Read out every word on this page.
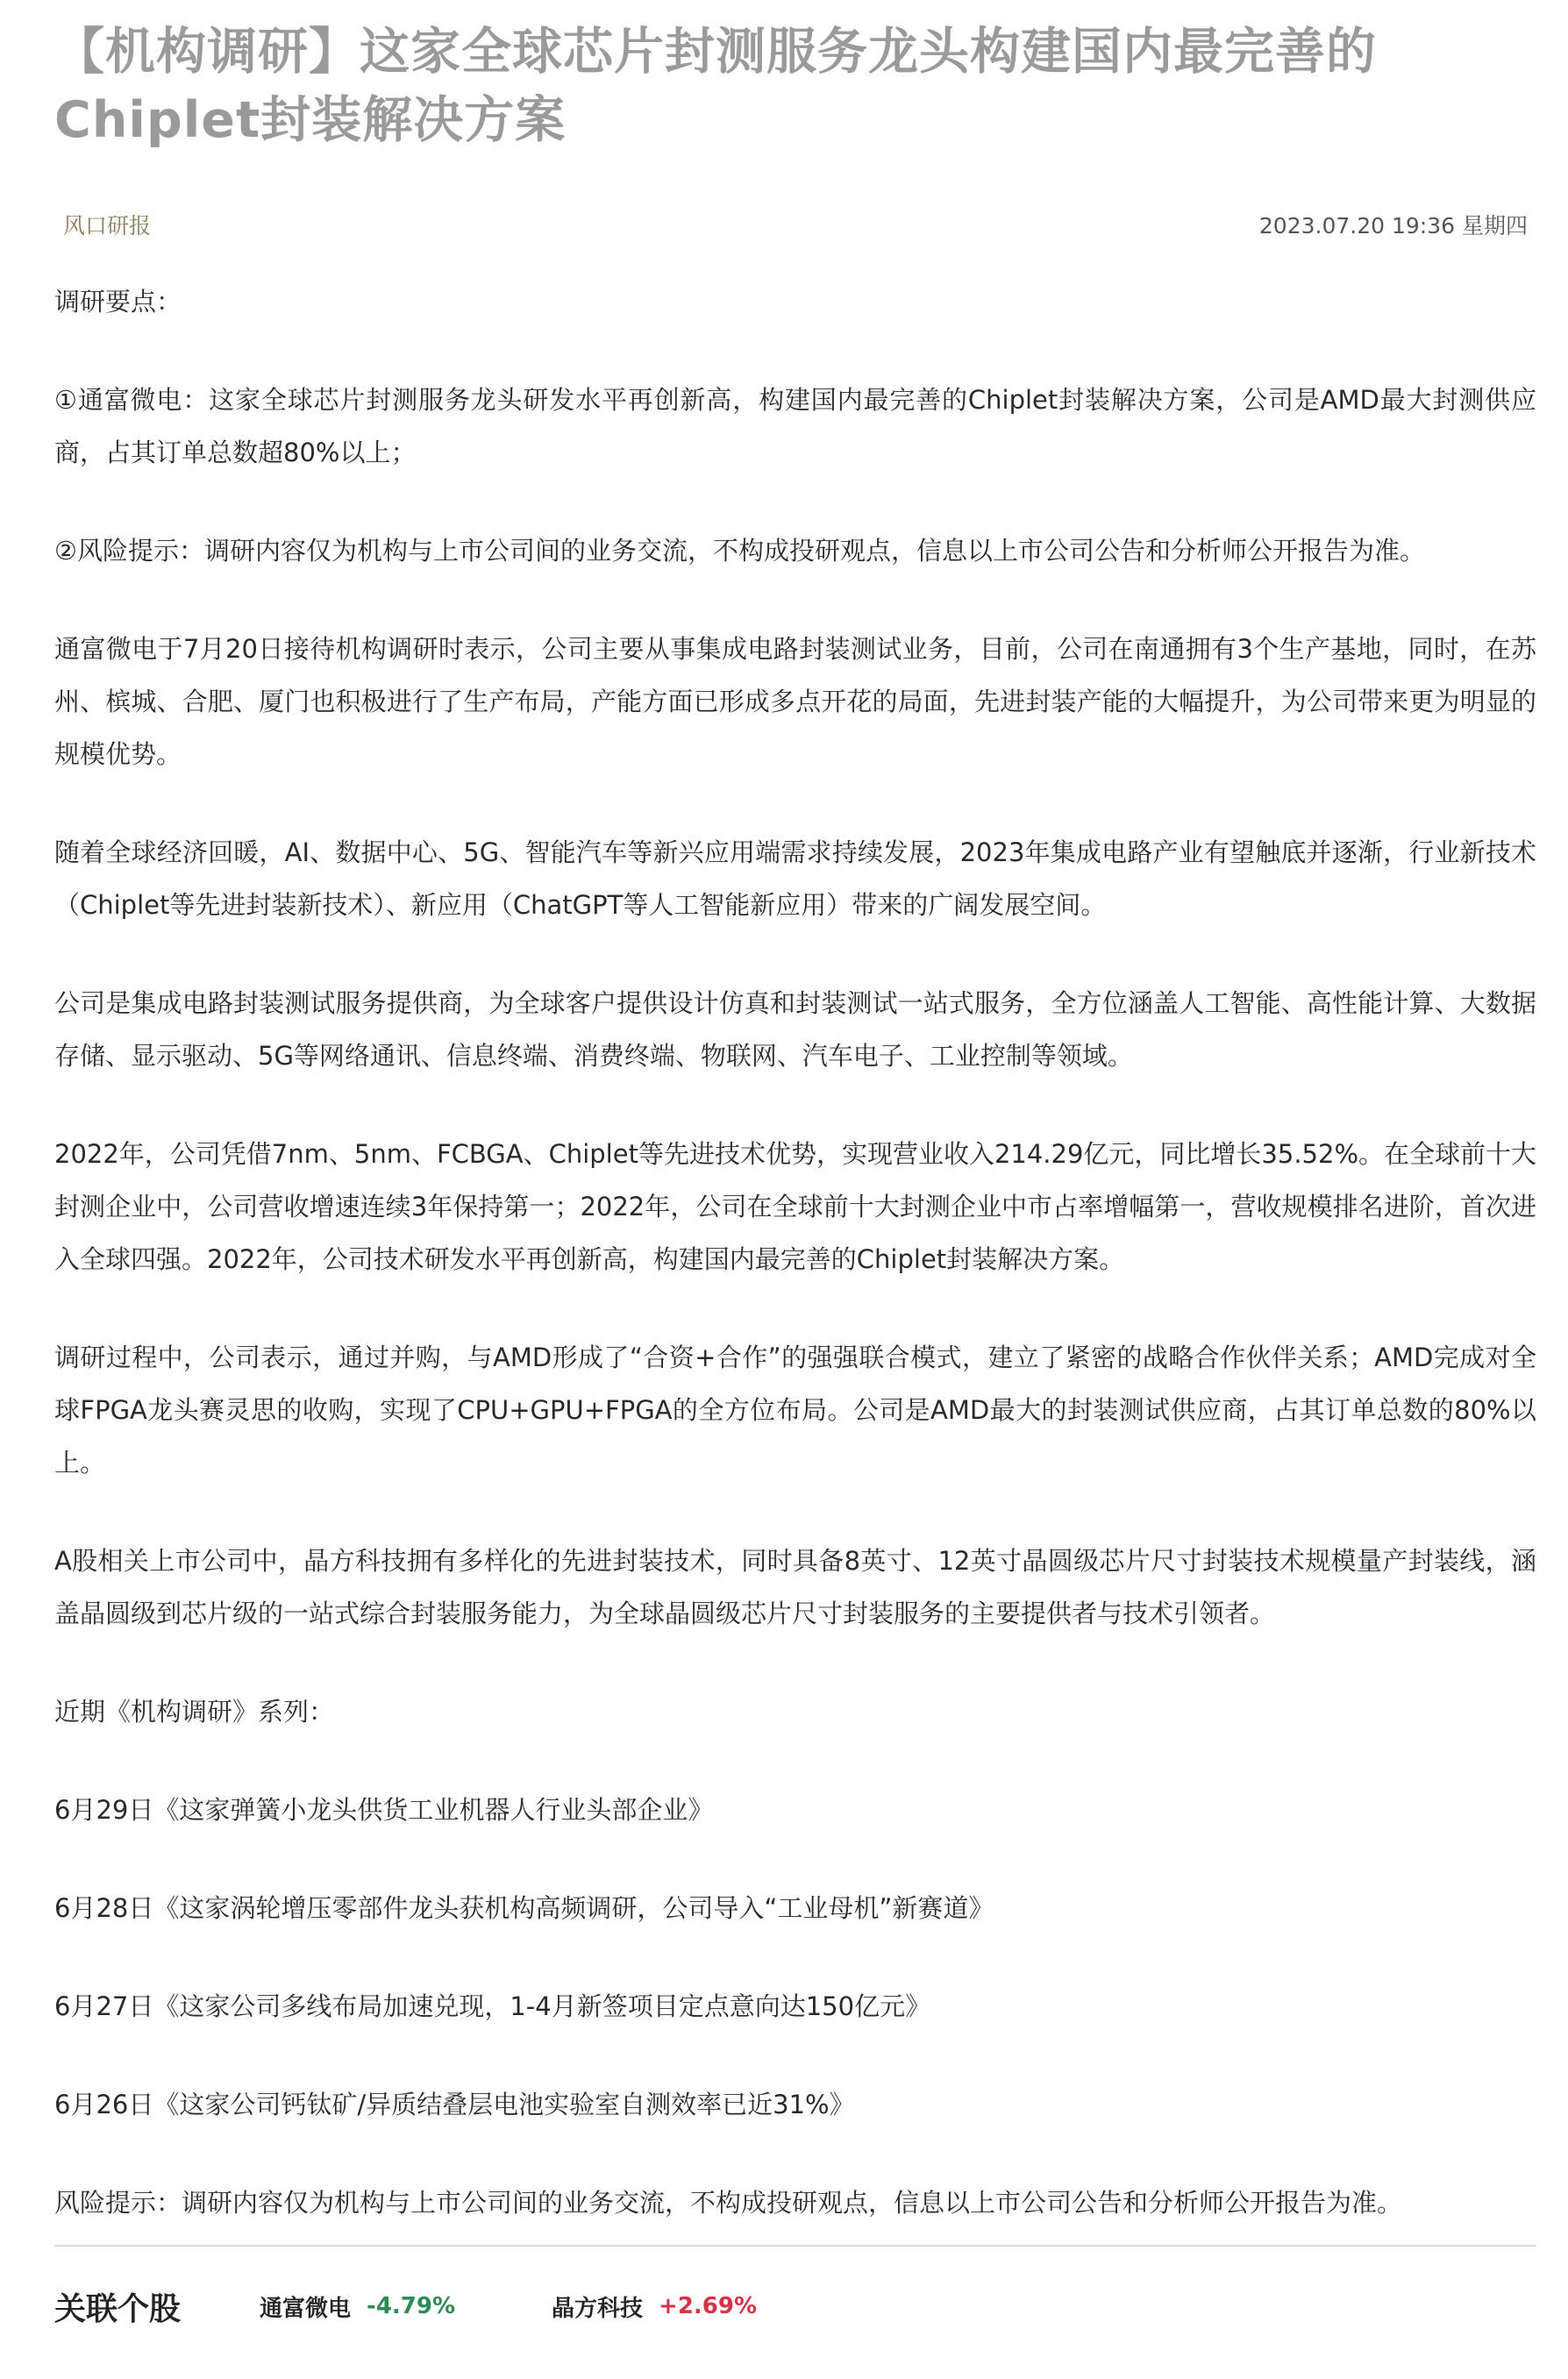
【机构调研】这家全球芯片封测服务龙头构建国内最完善的Chiplet封装解决方案
风口研报	2023.07.20 19:36 星期四

调研要点：

①通富微电：这家全球芯片封测服务龙头研发水平再创新高，构建国内最完善的Chiplet封装解决方案，公司是AMD最大封测供应商，占其订单总数超80%以上；

②风险提示：调研内容仅为机构与上市公司间的业务交流，不构成投研观点，信息以上市公司公告和分析师公开报告为准。

通富微电于7月20日接待机构调研时表示，公司主要从事集成电路封装测试业务，目前，公司在南通拥有3个生产基地，同时，在苏州、槟城、合肥、厦门也积极进行了生产布局，产能方面已形成多点开花的局面，先进封装产能的大幅提升，为公司带来更为明显的规模优势。

随着全球经济回暖，AI、数据中心、5G、智能汽车等新兴应用端需求持续发展，2023年集成电路产业有望触底并逐渐，行业新技术（Chiplet等先进封装新技术）、新应用（ChatGPT等人工智能新应用）带来的广阔发展空间。

公司是集成电路封装测试服务提供商，为全球客户提供设计仿真和封装测试一站式服务，全方位涵盖人工智能、高性能计算、大数据存储、显示驱动、5G等网络通讯、信息终端、消费终端、物联网、汽车电子、工业控制等领域。

2022年，公司凭借7nm、5nm、FCBGA、Chiplet等先进技术优势，实现营业收入214.29亿元，同比增长35.52%。在全球前十大封测企业中，公司营收增速连续3年保持第一；2022年，公司在全球前十大封测企业中市占率增幅第一，营收规模排名进阶，首次进入全球四强。2022年，公司技术研发水平再创新高，构建国内最完善的Chiplet封装解决方案。

调研过程中，公司表示，通过并购，与AMD形成了“合资+合作”的强强联合模式，建立了紧密的战略合作伙伴关系；AMD完成对全球FPGA龙头赛灵思的收购，实现了CPU+GPU+FPGA的全方位布局。公司是AMD最大的封装测试供应商，占其订单总数的80%以上。

A股相关上市公司中，晶方科技拥有多样化的先进封装技术，同时具备8英寸、12英寸晶圆级芯片尺寸封装技术规模量产封装线，涵盖晶圆级到芯片级的一站式综合封装服务能力，为全球晶圆级芯片尺寸封装服务的主要提供者与技术引领者。

近期《机构调研》系列：

6月29日《这家弹簧小龙头供货工业机器人行业头部企业》

6月28日《这家涡轮增压零部件龙头获机构高频调研，公司导入“工业母机”新赛道》

6月27日《这家公司多线布局加速兑现，1-4月新签项目定点意向达150亿元》

6月26日《这家公司钙钛矿/异质结叠层电池实验室自测效率已近31%》

风险提示：调研内容仅为机构与上市公司间的业务交流，不构成投研观点，信息以上市公司公告和分析师公开报告为准。

关联个股	通富微电 -4.79%	晶方科技 +2.69%
